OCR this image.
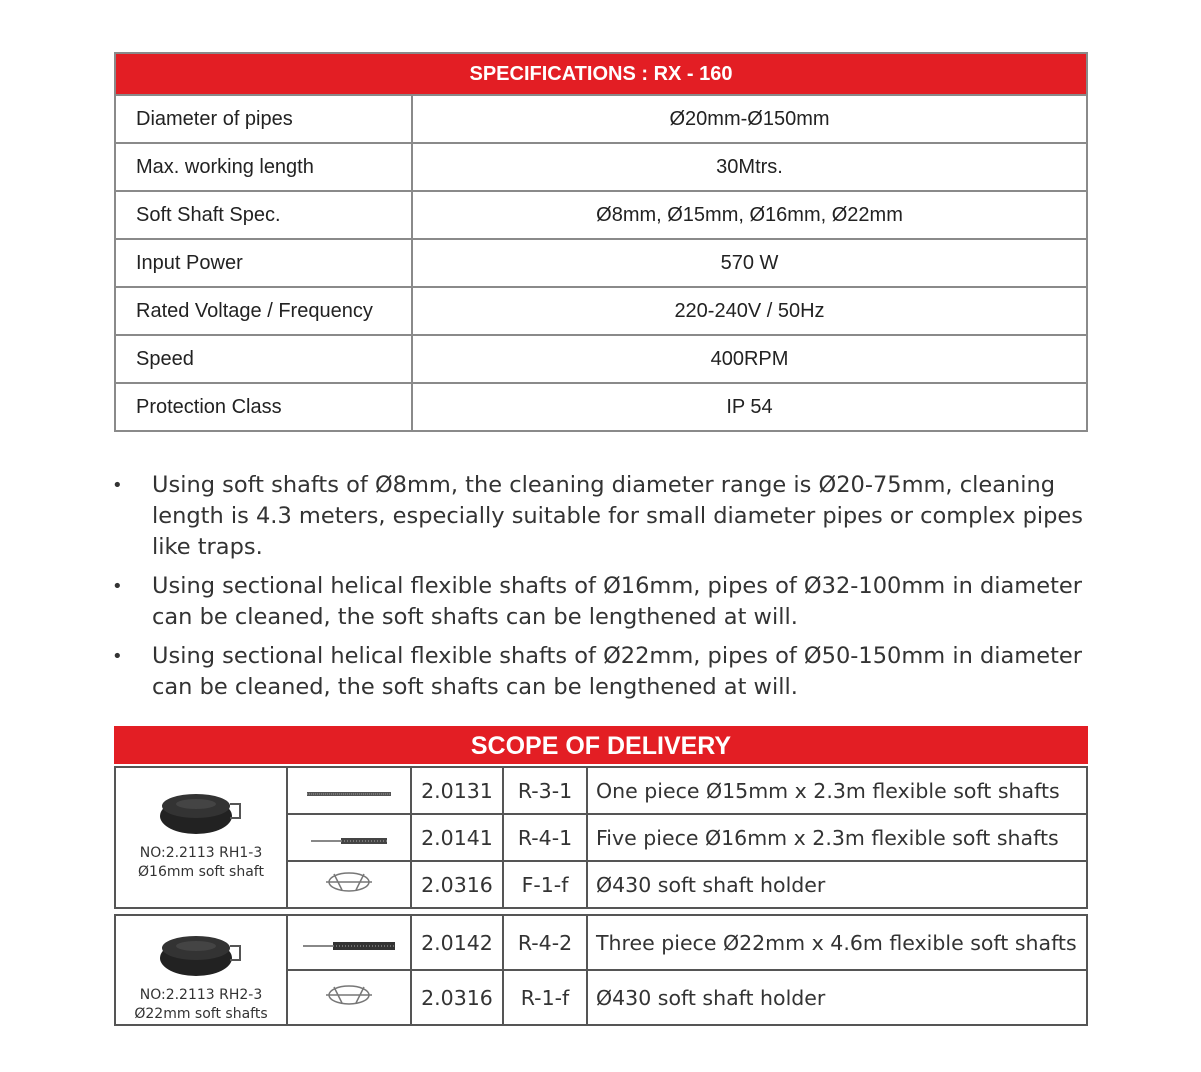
SPECIFICATIONS : RX - 160	
Diameter of pipes	Ø20mm-Ø150mm
Max. working length	30Mtrs.
Soft Shaft Spec.	Ø8mm, Ø15mm, Ø16mm, Ø22mm
Input Power	570 W
Rated Voltage / Frequency	220-240V / 50Hz
Speed	400RPM
Protection Class	IP 54
• Using soft shafts of Ø8mm, the cleaning diameter range is Ø20-75mm, cleaning length is 4.3 meters, especially suitable for small diameter pipes or complex pipes like traps.
• Using sectional helical flexible shafts of Ø16mm, pipes of Ø32-100mm in diameter can be cleaned, the soft shafts can be lengthened at will.
• Using sectional helical flexible shafts of Ø22mm, pipes of Ø50-150mm in diameter can be cleaned, the soft shafts can be lengthened at will.
SCOPE OF DELIVERY
NO:2.2113 RH1-3
Ø16mm soft shaft		2.0131	R-3-1	One piece Ø15mm x 2.3m flexible soft shafts
	2.0141	R-4-1	Five piece Ø16mm x 2.3m flexible soft shafts
	2.0316	F-1-f	Ø430 soft shaft holder
NO:2.2113 RH2-3
Ø22mm soft shafts		2.0142	R-4-2	Three piece Ø22mm x 4.6m flexible soft shafts
	2.0316	R-1-f	Ø430 soft shaft holder
